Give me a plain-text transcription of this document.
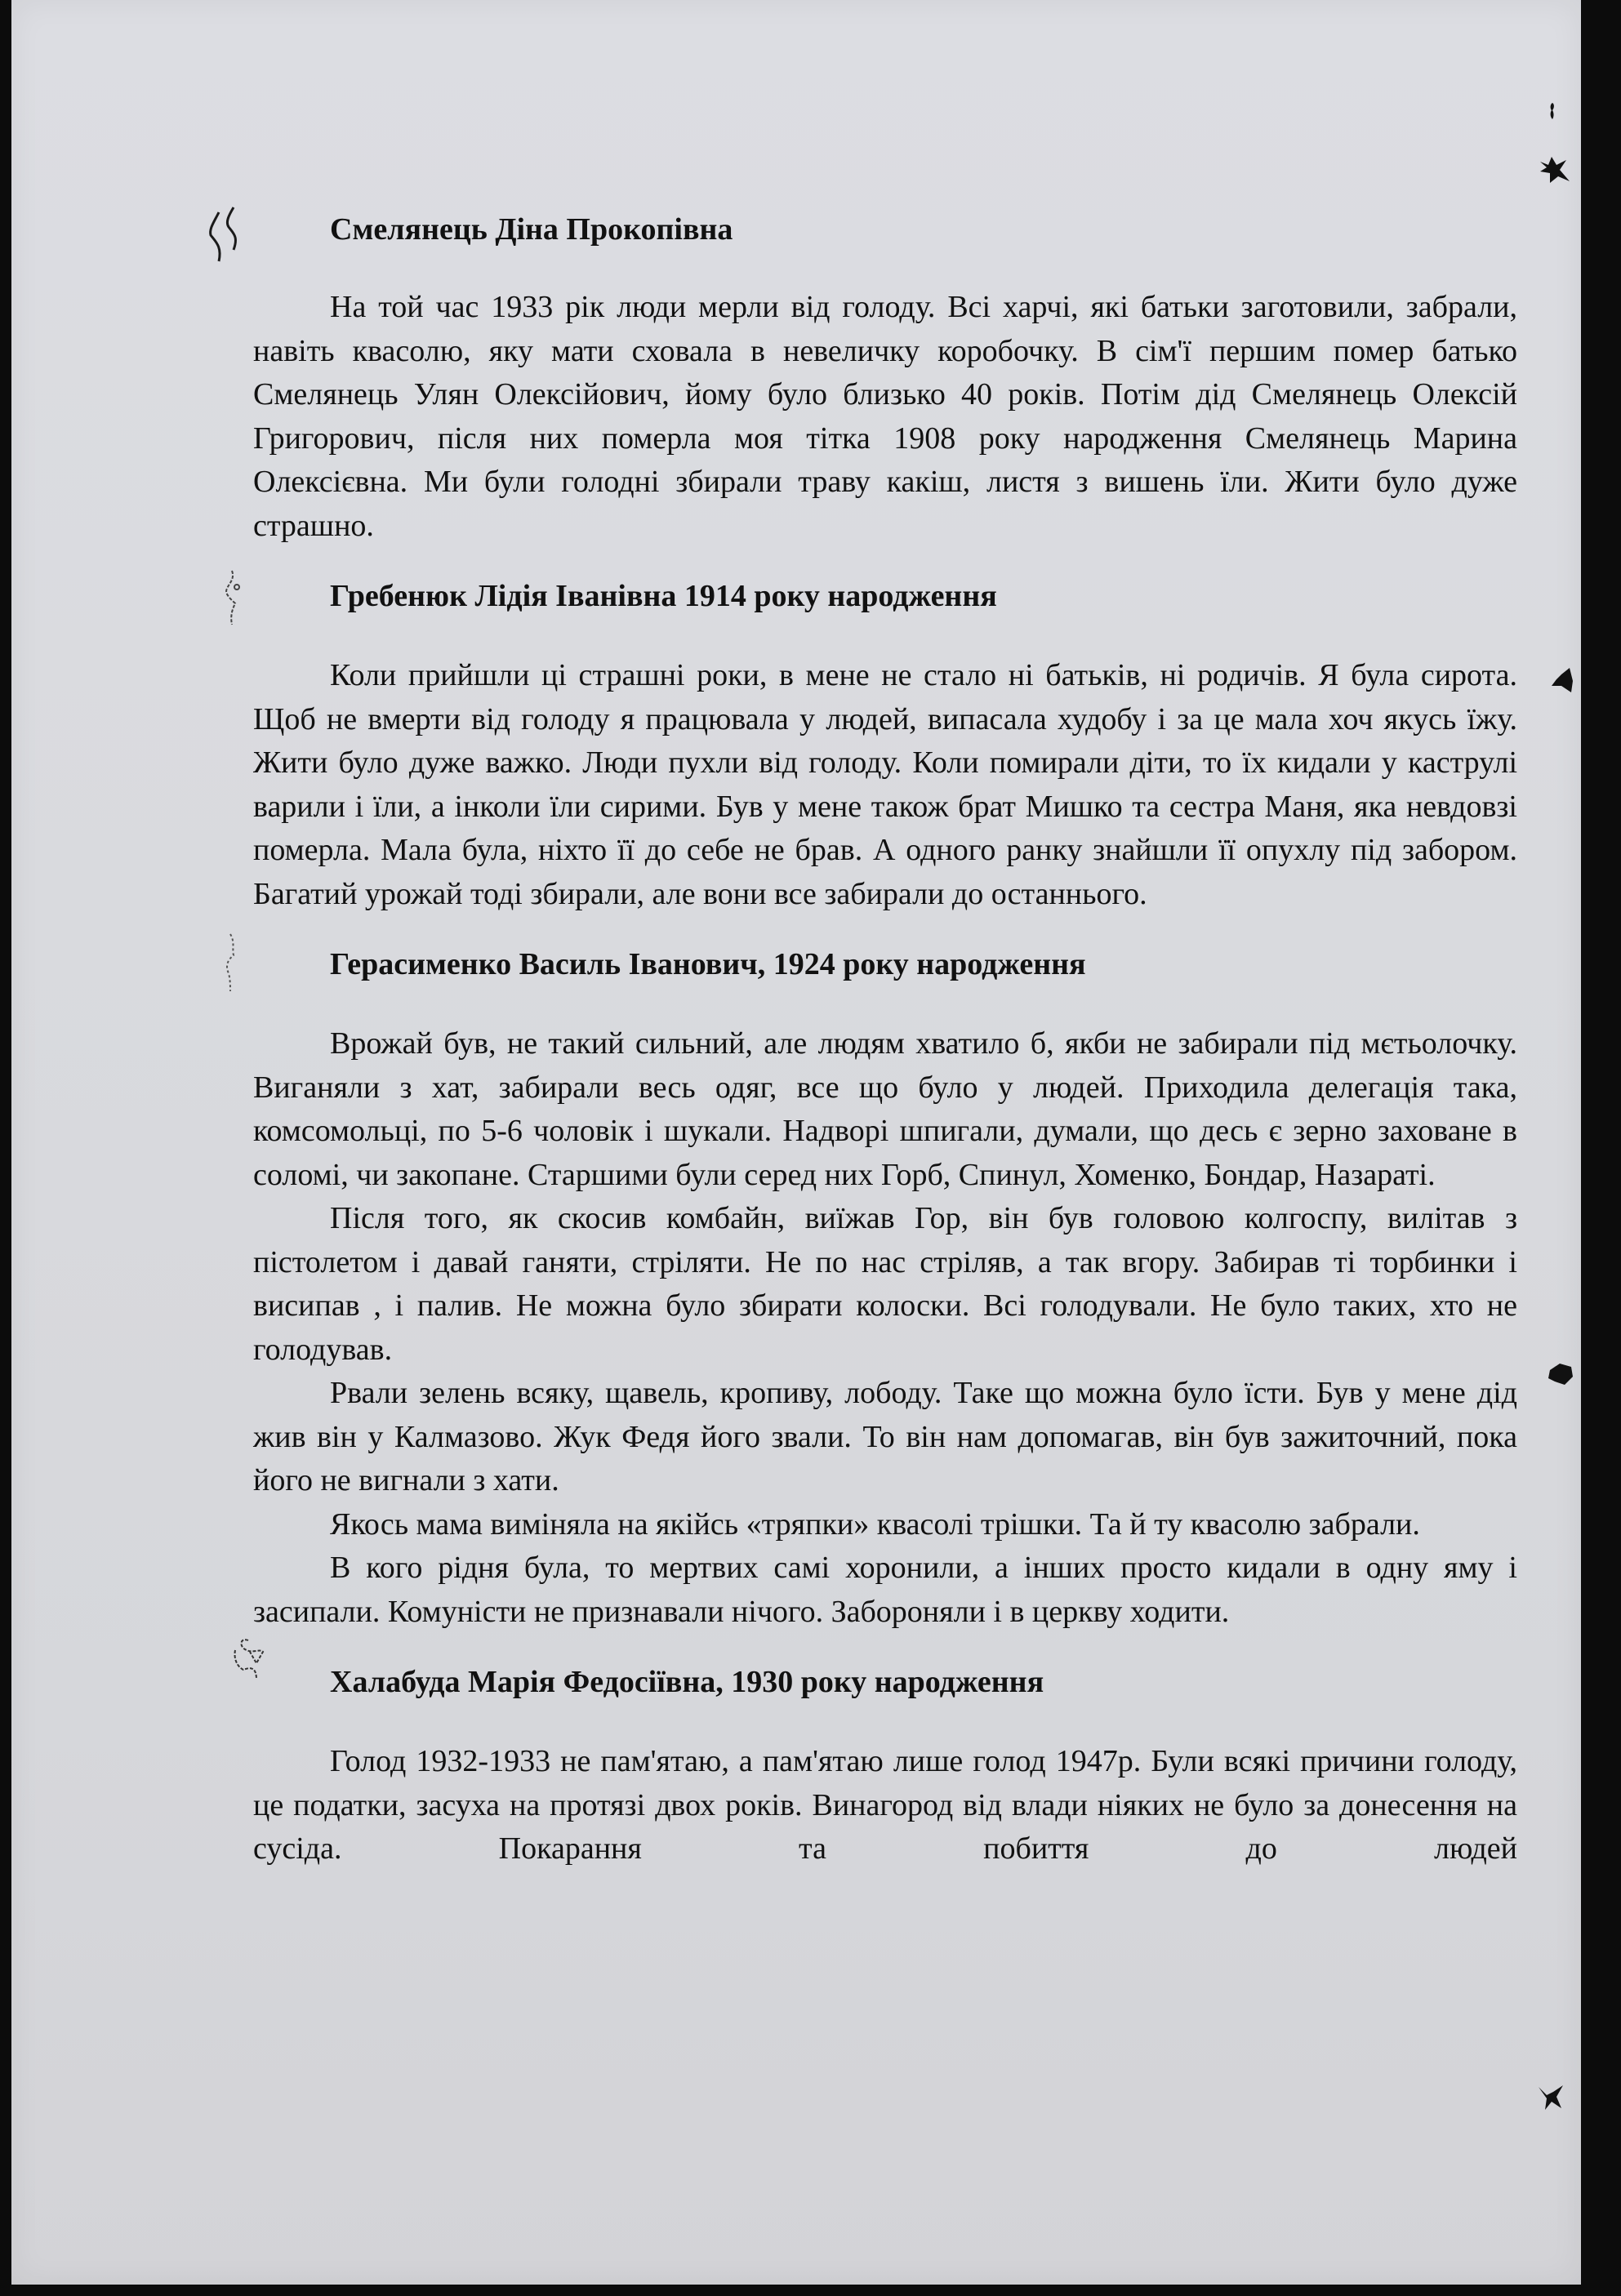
Смелянець Діна Прокопівна

На той час 1933 рік люди мерли від голоду. Всі харчі, які батьки заготовили, забрали, навіть квасолю, яку мати сховала в невеличку коробочку. В сім'ї першим помер батько Смелянець Улян Олексійович, йому було близько 40 років. Потім дід Смелянець Олексій Григорович, після них померла моя тітка 1908 року народження Смелянець Марина Олексієвна. Ми були голодні збирали траву какіш, листя з вишень їли. Жити було дуже страшно.

Гребенюк Лідія Іванівна 1914 року народження

Коли прийшли ці страшні роки, в мене не стало ні батьків, ні родичів. Я була сирота. Щоб не вмерти від голоду я працювала у людей, випасала худобу і за це мала хоч якусь їжу. Жити було дуже важко. Люди пухли від голоду. Коли помирали діти, то їх кидали у каструлі варили і їли, а інколи їли сирими. Був у мене також брат Мишко та сестра Маня, яка невдовзі померла. Мала була, ніхто її до себе не брав. А одного ранку знайшли її опухлу під забором. Багатий урожай тоді збирали, але вони все забирали до останнього.

Герасименко Василь Іванович, 1924 року народження

Врожай був, не такий сильний, але людям хватило б, якби не забирали під мєтьолочку. Виганяли з хат, забирали весь одяг, все що було у людей. Приходила делегація така, комсомольці, по 5-6 чоловік і шукали. Надворі шпигали, думали, що десь є зерно заховане в соломі, чи закопане. Старшими були серед них Горб, Спинул, Хоменко, Бондар, Назараті.

Після того, як скосив комбайн, виїжав Гор, він був головою колгоспу, вилітав з пістолетом і давай ганяти, стріляти. Не по нас стріляв, а так вгору. Забирав ті торбинки і висипав , і палив. Не можна було збирати колоски. Всі голодували. Не було таких, хто не голодував.

Рвали зелень всяку, щавель, кропиву, лободу. Таке що можна було їсти. Був у мене дід жив він у Калмазово. Жук Федя його звали. То він нам допомагав, він був зажиточний, пока його не вигнали з хати.

Якось мама виміняла на якійсь «тряпки» квасолі трішки. Та й ту квасолю забрали.

В кого рідня була, то мертвих самі хоронили, а інших просто кидали в одну яму і засипали. Комуністи не признавали нічого. Забороняли і в церкву ходити.

Халабуда Марія Федосіївна, 1930 року народження

Голод 1932-1933 не пам'ятаю, а пам'ятаю лише голод 1947р. Були всякі причини голоду, це податки, засуха на протязі двох років. Винагород від влади ніяких не було за донесення на сусіда. Покарання та побиття до людей
